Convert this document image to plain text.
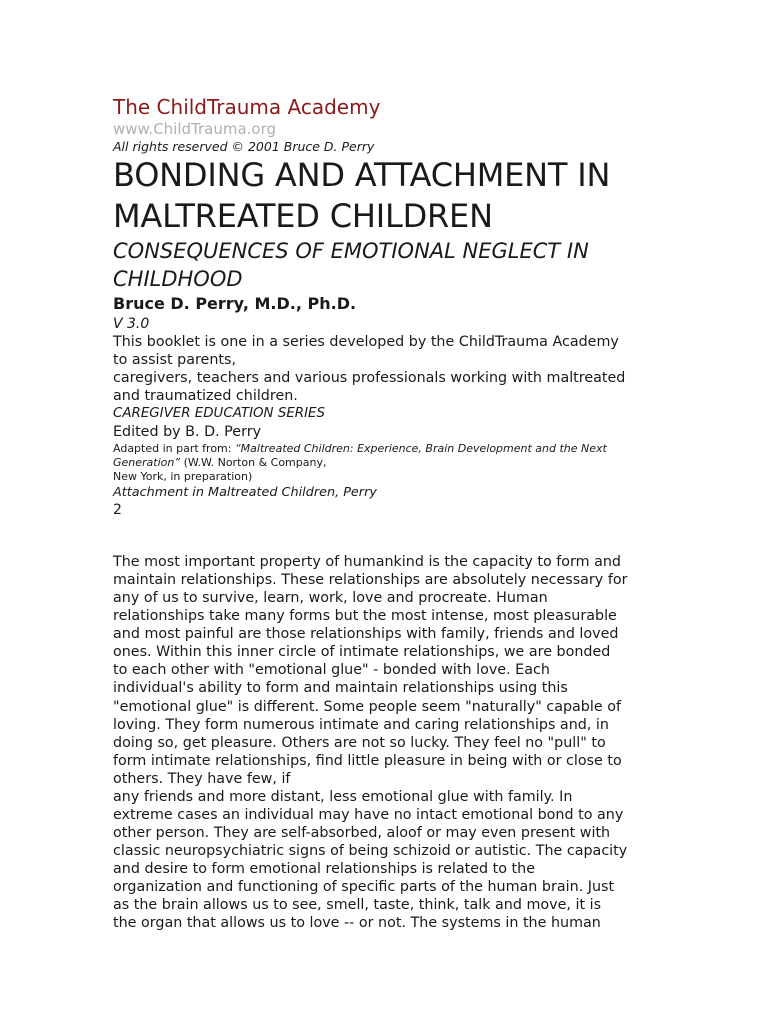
The ChildTrauma Academy

www.ChildTrauma.org

All rights reserved © 2001 Bruce D. Perry

BONDING AND ATTACHMENT IN
MALTREATED CHILDREN

CONSEQUENCES OF EMOTIONAL NEGLECT IN
CHILDHOOD

Bruce D. Perry, M.D., Ph.D.

V 3.0

This booklet is one in a series developed by the ChildTrauma Academy
to assist parents,
caregivers, teachers and various professionals working with maltreated
and traumatized children.

CAREGIVER EDUCATION SERIES

Edited by B. D. Perry

Adapted in part from: “Maltreated Children: Experience, Brain Development and the Next
Generation” (W.W. Norton & Company,
New York, in preparation)

Attachment in Maltreated Children, Perry

2

The most important property of humankind is the capacity to form and
maintain relationships. These relationships are absolutely necessary for
any of us to survive, learn, work, love and procreate. Human
relationships take many forms but the most intense, most pleasurable
and most painful are those relationships with family, friends and loved
ones. Within this inner circle of intimate relationships, we are bonded
to each other with "emotional glue" - bonded with love. Each
individual's ability to form and maintain relationships using this
"emotional glue" is different. Some people seem "naturally" capable of
loving. They form numerous intimate and caring relationships and, in
doing so, get pleasure. Others are not so lucky. They feel no "pull" to
form intimate relationships, find little pleasure in being with or close to
others. They have few, if
any friends and more distant, less emotional glue with family. In
extreme cases an individual may have no intact emotional bond to any
other person. They are self-absorbed, aloof or may even present with
classic neuropsychiatric signs of being schizoid or autistic. The capacity
and desire to form emotional relationships is related to the
organization and functioning of specific parts of the human brain. Just
as the brain allows us to see, smell, taste, think, talk and move, it is
the organ that allows us to love -- or not. The systems in the human
